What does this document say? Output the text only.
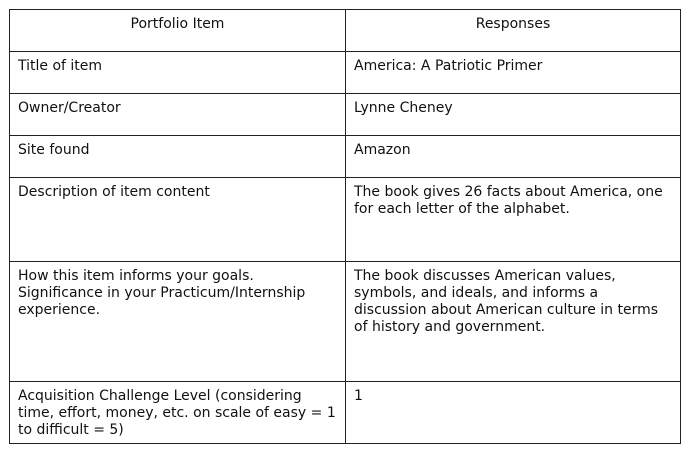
Portfolio Item	Responses
Title of item	America: A Patriotic Primer
Owner/Creator	Lynne Cheney
Site found	Amazon
Description of item content	The book gives 26 facts about America, one for each letter of the alphabet.
How this item informs your goals. Significance in your Practicum/Internship experience.	The book discusses American values, symbols, and ideals, and informs a discussion about American culture in terms of history and government.
Acquisition Challenge Level (considering time, effort, money, etc. on scale of easy = 1 to difficult = 5)	1
